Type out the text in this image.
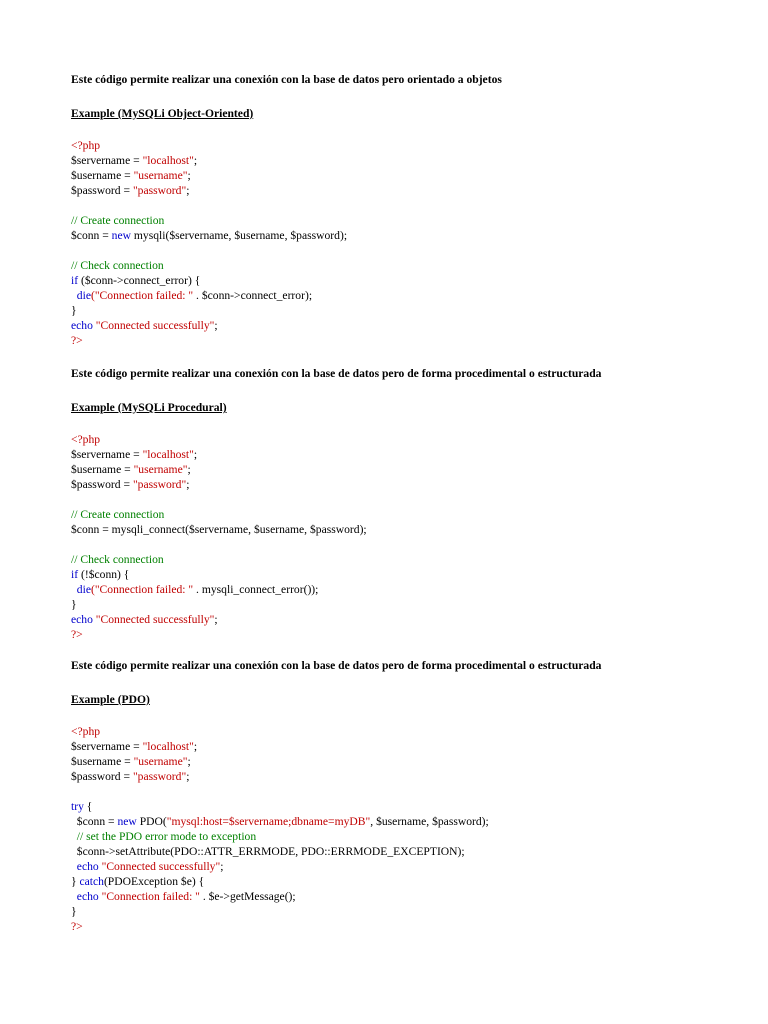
Este código permite realizar una conexión con la base de datos pero orientado a objetos
Example (MySQLi Object-Oriented)
<?php
$servername = "localhost";
$username = "username";
$password = "password";
// Create connection
$conn = new mysqli($servername, $username, $password);
// Check connection
if ($conn->connect_error) {
die("Connection failed: " . $conn->connect_error);
}
echo "Connected successfully";
?>
Este código permite realizar una conexión con la base de datos pero de forma procedimental o estructurada
Example (MySQLi Procedural)
<?php
$servername = "localhost";
$username = "username";
$password = "password";
// Create connection
$conn = mysqli_connect($servername, $username, $password);
// Check connection
if (!$conn) {
die("Connection failed: " . mysqli_connect_error());
}
echo "Connected successfully";
?>
Este código permite realizar una conexión con la base de datos pero de forma procedimental o estructurada
Example (PDO)
<?php
$servername = "localhost";
$username = "username";
$password = "password";
try {
$conn = new PDO("mysql:host=$servername;dbname=myDB", $username, $password);
// set the PDO error mode to exception
$conn->setAttribute(PDO::ATTR_ERRMODE, PDO::ERRMODE_EXCEPTION);
echo "Connected successfully";
} catch(PDOException $e) {
echo "Connection failed: " . $e->getMessage();
}
?>
